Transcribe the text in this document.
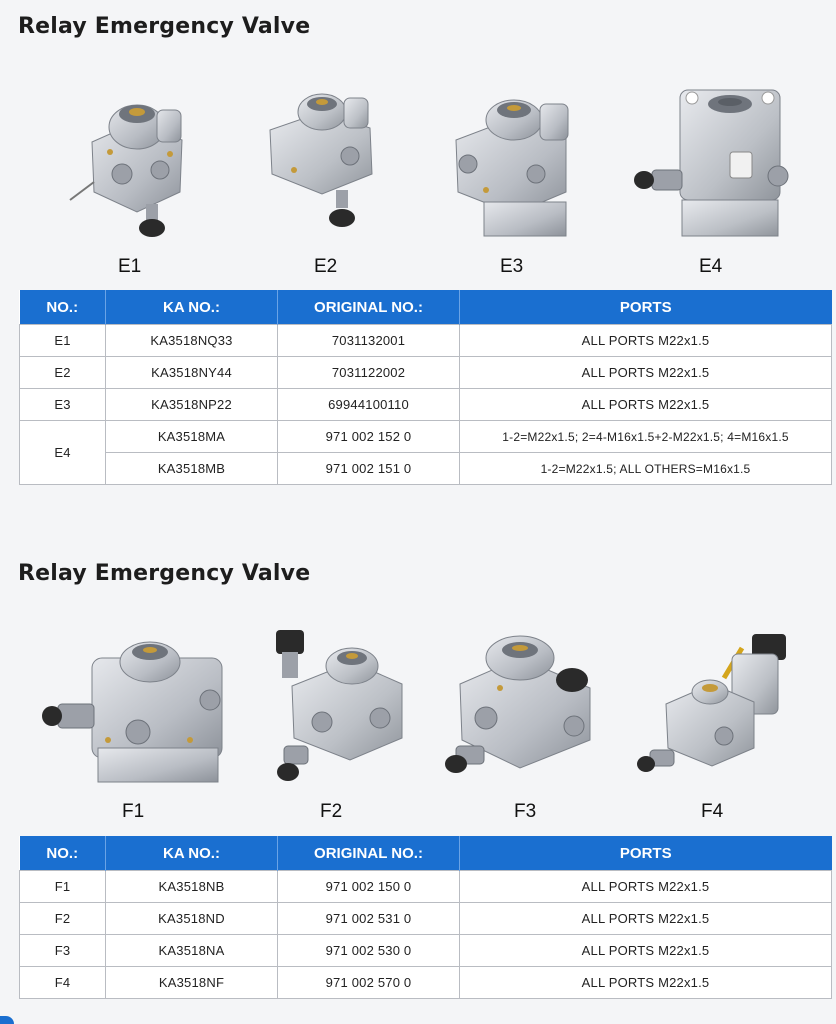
Relay Emergency Valve
E1	E2	E3	E4
NO.:	KA NO.:	ORIGINAL NO.:	PORTS
E1	KA3518NQ33	7031132001	ALL PORTS M22x1.5
E2	KA3518NY44	7031122002	ALL PORTS M22x1.5
E3	KA3518NP22	69944100110	ALL PORTS M22x1.5
E4	KA3518MA	971 002 152 0	1-2=M22x1.5; 2=4-M16x1.5+2-M22x1.5; 4=M16x1.5
	KA3518MB	971 002 151 0	1-2=M22x1.5; ALL OTHERS=M16x1.5
Relay Emergency Valve
F1	F2	F3	F4
NO.:	KA NO.:	ORIGINAL NO.:	PORTS
F1	KA3518NB	971 002 150 0	ALL PORTS M22x1.5
F2	KA3518ND	971 002 531 0	ALL PORTS M22x1.5
F3	KA3518NA	971 002 530 0	ALL PORTS M22x1.5
F4	KA3518NF	971 002 570 0	ALL PORTS M22x1.5
